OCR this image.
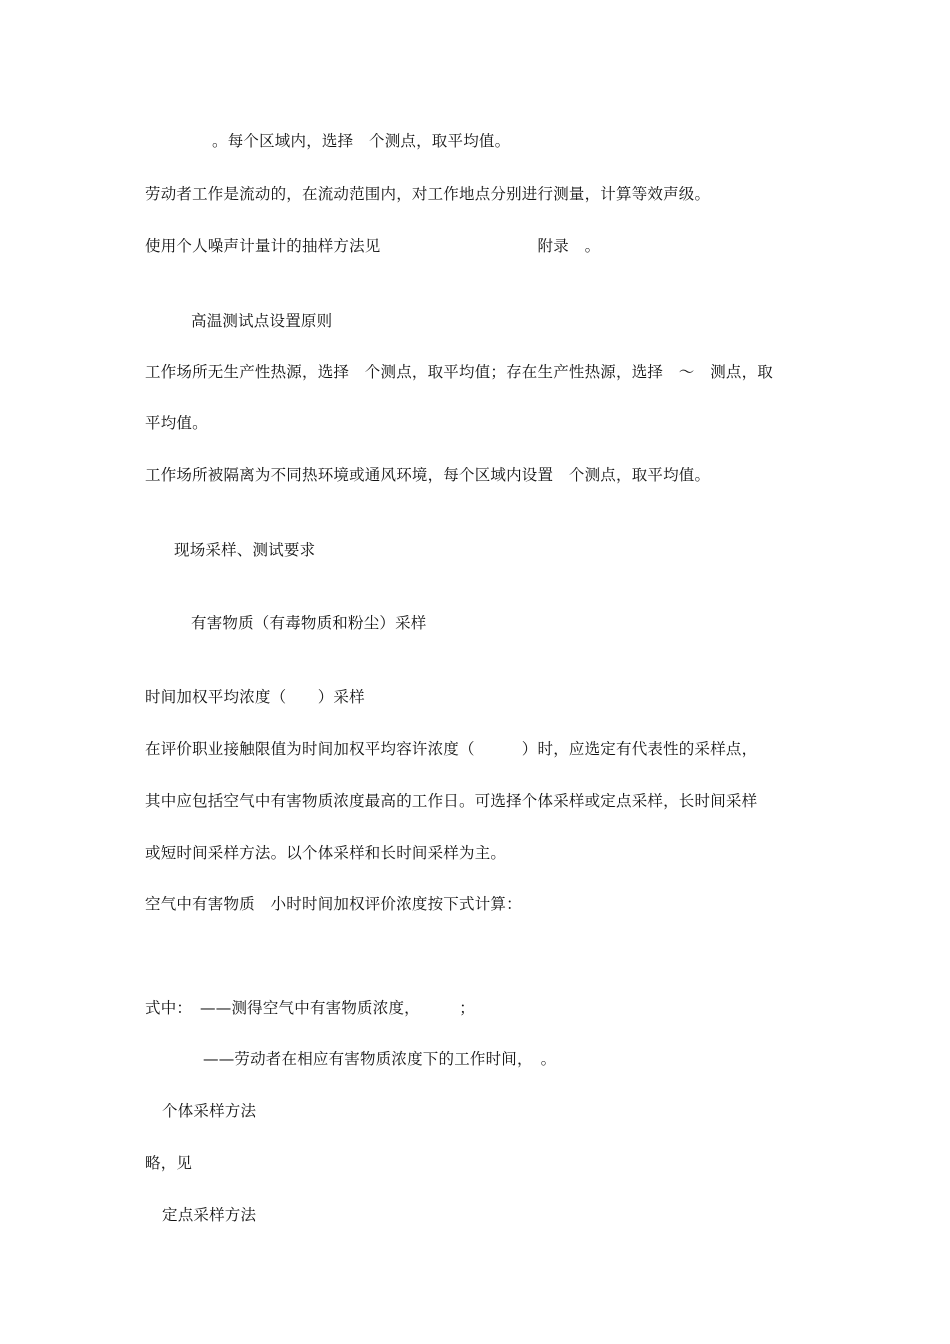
。每个区域内，选择　个测点，取平均值。
劳动者工作是流动的，在流动范围内，对工作地点分别进行测量，计算等效声级。
使用个人噪声计量计的抽样方法见　　　　　　　　　　附录　。
高温测试点设置原则
工作场所无生产性热源，选择　个测点，取平均值；存在生产性热源，选择　～　测点，取
平均值。
工作场所被隔离为不同热环境或通风环境，每个区域内设置　个测点，取平均值。
现场采样、测试要求
有害物质（有毒物质和粉尘）采样
时间加权平均浓度（　　）采样
在评价职业接触限值为时间加权平均容许浓度（　　　）时，应选定有代表性的采样点，
其中应包括空气中有害物质浓度最高的工作日。可选择个体采样或定点采样，长时间采样
或短时间采样方法。以个体采样和长时间采样为主。
空气中有害物质　小时时间加权评价浓度按下式计算：
式中：　——测得空气中有害物质浓度，　　　；
——劳动者在相应有害物质浓度下的工作时间，　。
个体采样方法
略，见
定点采样方法
